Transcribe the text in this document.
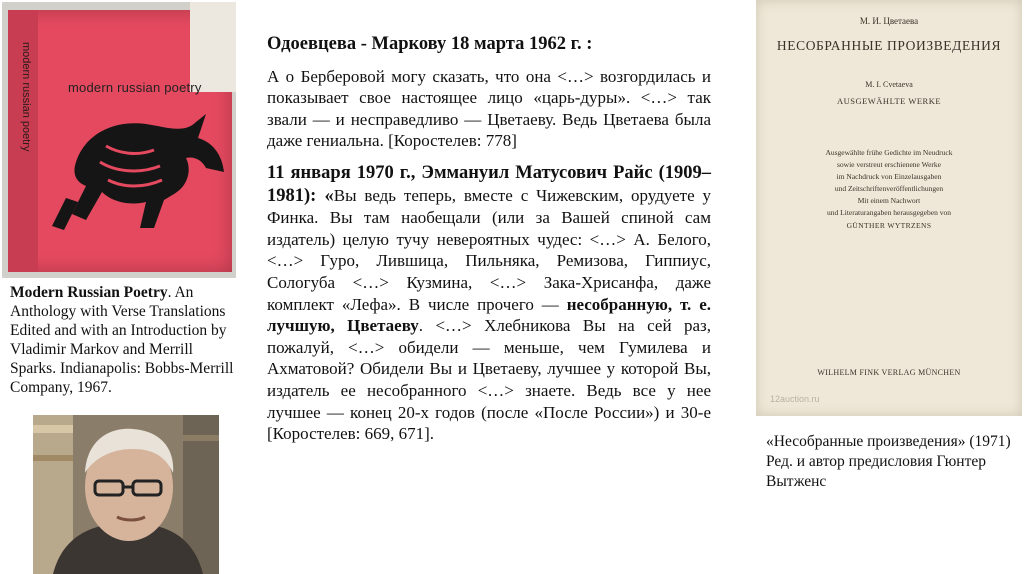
modern russian poetry	modern russian poetry
Modern Russian Poetry. An Anthology with Verse Translations Edited and with an Introduction by Vladimir Markov and Merrill Sparks. Indianapolis: Bobbs-Merrill Company, 1967.
Одоевцева - Маркову 18 марта 1962 г. :

А о Берберовой могу сказать, что она <…> возгордилась и показывает свое настоящее лицо «царь-дуры». <…> так звали — и несправедливо — Цветаеву. Ведь Цветаева была даже гениальна. [Коростелев: 778]

11 января 1970 г., Эммануил Матусович Райс (1909–1981): «Вы ведь теперь, вместе с Чижевским, орудуете у Финка. Вы там наобещали (или за Вашей спиной сам издатель) целую тучу невероятных чудес: <…> А. Белого, <…> Гуро, Лившица, Пильняка, Ремизова, Гиппиус, Сологуба <…> Кузмина, <…> Зака-Хрисанфа, даже комплект «Лефа». В числе прочего — несобранную, т. е. лучшую, Цветаеву. <…> Хлебникова Вы на сей раз, пожалуй, <…> обидели — меньше, чем Гумилева и Ахматовой? Обидели Вы и Цветаеву, лучшее у которой Вы, издатель ее несобранного <…> знаете. Ведь все у нее лучшее — конец 20-х годов (после «После России») и 30-е [Коростелев: 669, 671].

М. И. Цветаева
НЕСОБРАННЫЕ ПРОИЗВЕДЕНИЯ
M. I. Cvetaeva
AUSGEWÄHLTE WERKE
Ausgewählte frühe Gedichte im Neudruck
sowie verstreut erschienene Werke
im Nachdruck von Einzelausgaben
und Zeitschriftenveröffentlichungen
Mit einem Nachwort
und Literaturangaben herausgegeben von
GÜNTHER WYTRZENS
WILHELM FINK VERLAG MÜNCHEN
12auction.ru
«Несобранные произведения» (1971) Ред. и автор предисловия Гюнтер Вытженс
